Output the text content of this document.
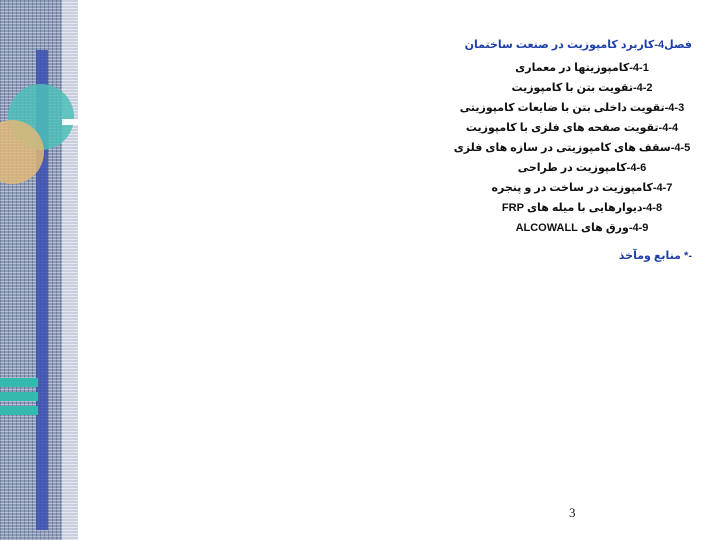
فصل4-کاربرد کامپوزیت در صنعت ساختمان

4-1-کامپوزیتها در معماری

4-2-تقویت بتن با کامپوزیت

4-3-تقویت داخلی بتن با ضایعات کامپوزیتی

4-4-تقویت صفحه های فلزی با کامپوزیت

4-5-سقف های کامپوزیتی در سازه های فلزی

4-6-کامپوزیت در طراحی

4-7-کامپوزیت در ساخت در و پنجره

4-8-دیوارهایی با میله های FRP

4-9-ورق های ALCOWALL

-* منابع ومآخذ

3
